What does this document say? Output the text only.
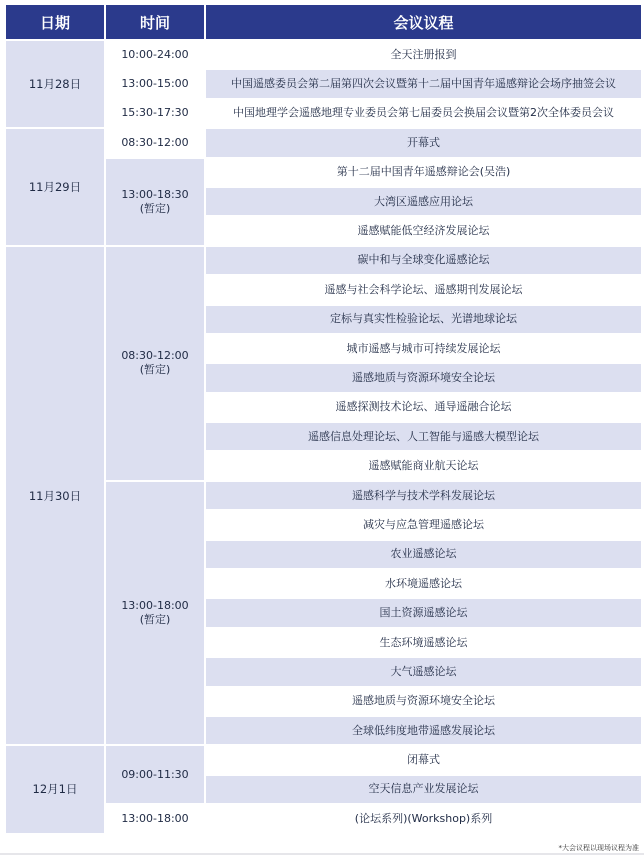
日期	时间	会议议程
11月28日	10:00-24:00	全天注册报到

	13:00-15:00	中国遥感委员会第二届第四次会议暨第十二届中国青年遥感辩论会场序抽签会议

	15:30-17:30	中国地理学会遥感地理专业委员会第七届委员会换届会议暨第2次全体委员会议
11月29日	08:30-12:00	开幕式

	13:00-18:30
(暂定)	第十二届中国青年遥感辩论会(吴浩)
		大湾区遥感应用论坛
		遥感赋能低空经济发展论坛
11月30日	08:30-12:00
(暂定)	碳中和与全球变化遥感论坛
		遥感与社会科学论坛、遥感期刊发展论坛
		定标与真实性检验论坛、光谱地球论坛
		城市遥感与城市可持续发展论坛
		遥感地质与资源环境安全论坛
		遥感探测技术论坛、通导遥融合论坛
		遥感信息处理论坛、人工智能与遥感大模型论坛
		遥感赋能商业航天论坛

	13:00-18:00
(暂定)	遥感科学与技术学科发展论坛
		减灾与应急管理遥感论坛
		农业遥感论坛
		水环境遥感论坛
		国土资源遥感论坛
		生态环境遥感论坛
		大气遥感论坛
		遥感地质与资源环境安全论坛
		全球低纬度地带遥感发展论坛
12月1日	09:00-11:30	闭幕式
		空天信息产业发展论坛

	13:00-18:00	(论坛系列)(Workshop)系列
*大会议程以现场议程为准
